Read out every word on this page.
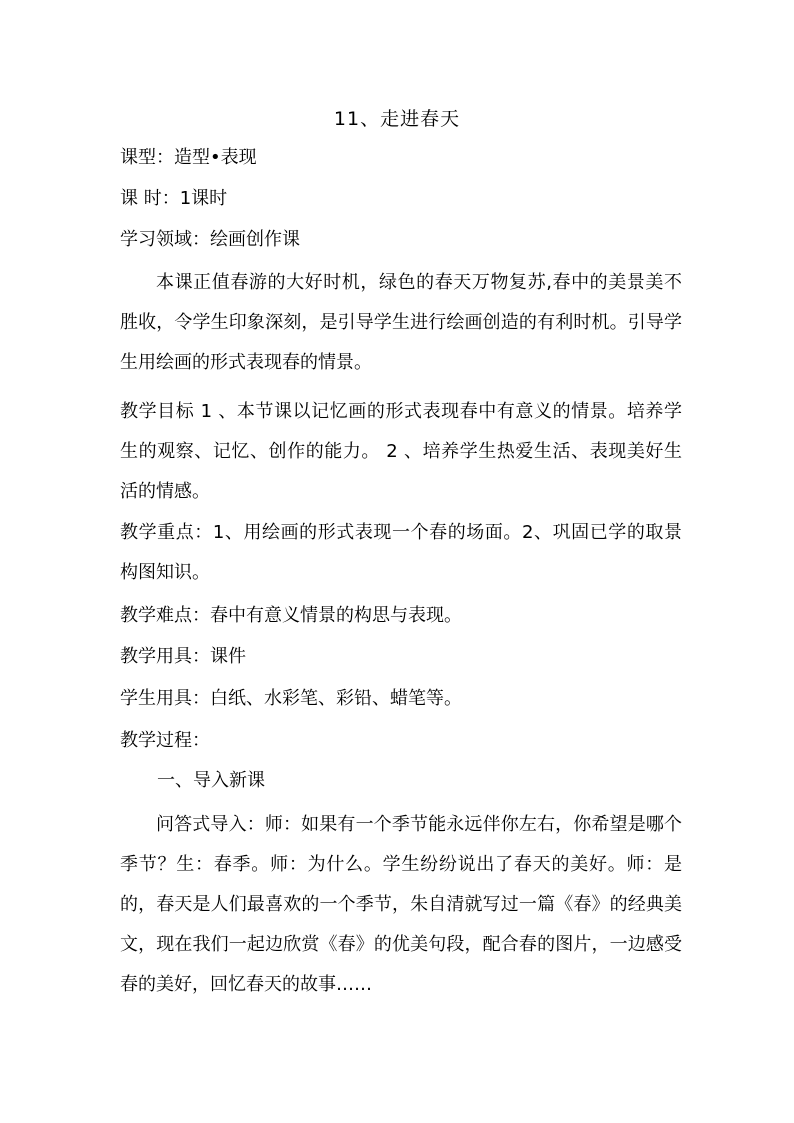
11、走进春天
课型：造型•表现
课 时：1课时
学习领域：绘画创作课
本课正值春游的大好时机，绿色的春天万物复苏,春中的美景美不胜收，令学生印象深刻，是引导学生进行绘画创造的有利时机。引导学生用绘画的形式表现春的情景。
教学目标 1 、本节课以记忆画的形式表现春中有意义的情景。培养学生的观察、记忆、创作的能力。 2 、培养学生热爱生活、表现美好生活的情感。
教学重点：1、用绘画的形式表现一个春的场面。2、巩固已学的取景构图知识。
教学难点：春中有意义情景的构思与表现。
教学用具：课件
学生用具：白纸、水彩笔、彩铅、蜡笔等。
教学过程：
一、导入新课
问答式导入：师：如果有一个季节能永远伴你左右，你希望是哪个季节？生：春季。师：为什么。学生纷纷说出了春天的美好。师：是的，春天是人们最喜欢的一个季节，朱自清就写过一篇《春》的经典美文，现在我们一起边欣赏《春》的优美句段，配合春的图片，一边感受春的美好，回忆春天的故事……
